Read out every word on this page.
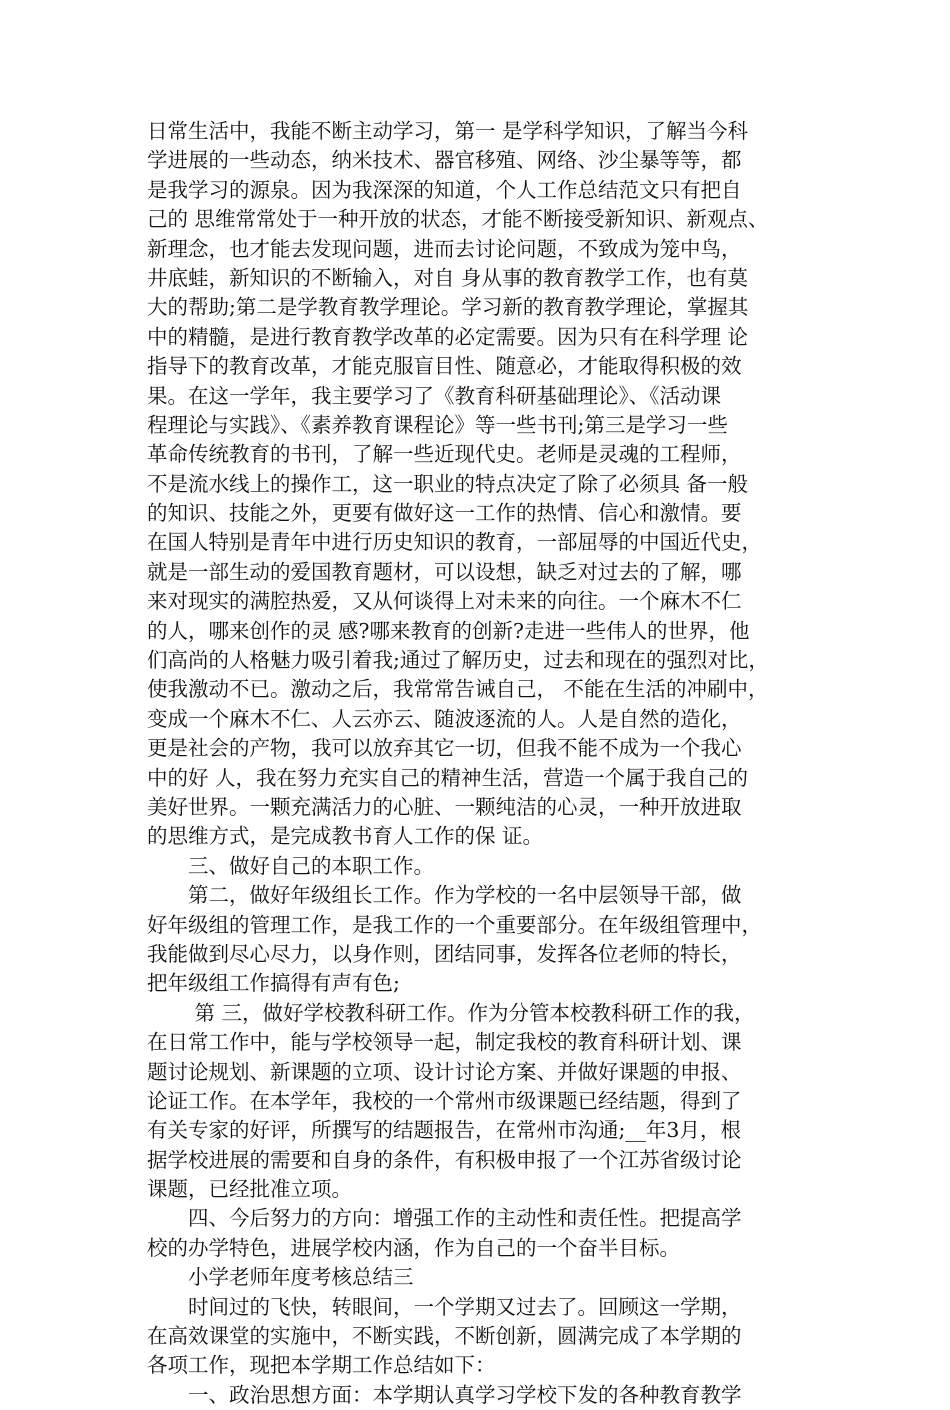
日常生活中，我能不断主动学习，第一 是学科学知识，了解当今科
学进展的一些动态，纳米技术、器官移殖、网络、沙尘暴等等，都
是我学习的源泉。因为我深深的知道，个人工作总结范文只有把自
己的 思维常常处于一种开放的状态，才能不断接受新知识、新观点、
新理念，也才能去发现问题，进而去讨论问题，不致成为笼中鸟，
井底蛙，新知识的不断输入，对自 身从事的教育教学工作，也有莫
大的帮助;第二是学教育教学理论。学习新的教育教学理论，掌握其
中的精髓，是进行教育教学改革的必定需要。因为只有在科学理 论
指导下的教育改革，才能克服盲目性、随意必，才能取得积极的效
果。在这一学年，我主要学习了《教育科研基础理论》、《活动课
程理论与实践》、《素养教育课程论》等一些书刊;第三是学习一些
革命传统教育的书刊，了解一些近现代史。老师是灵魂的工程师，
不是流水线上的操作工，这一职业的特点决定了除了必须具 备一般
的知识、技能之外，更要有做好这一工作的热情、信心和激情。要
在国人特别是青年中进行历史知识的教育，一部屈辱的中国近代史，
就是一部生动的爱国教育题材，可以设想，缺乏对过去的了解，哪
来对现实的满腔热爱，又从何谈得上对未来的向往。一个麻木不仁
的人，哪来创作的灵 感?哪来教育的创新?走进一些伟人的世界，他
们高尚的人格魅力吸引着我;通过了解历史，过去和现在的强烈对比，
使我激动不已。激动之后，我常常告诫自己， 不能在生活的冲刷中，
变成一个麻木不仁、人云亦云、随波逐流的人。人是自然的造化，
更是社会的产物，我可以放弃其它一切，但我不能不成为一个我心
中的好 人，我在努力充实自己的精神生活，营造一个属于我自己的
美好世界。一颗充满活力的心脏、一颗纯洁的心灵，一种开放进取
的思维方式，是完成教书育人工作的保 证。
　　三、做好自己的本职工作。
　　第二，做好年级组长工作。作为学校的一名中层领导干部，做
好年级组的管理工作，是我工作的一个重要部分。在年级组管理中，
我能做到尽心尽力，以身作则，团结同事，发挥各位老师的特长，
把年级组工作搞得有声有色;
　　 第 三，做好学校教科研工作。作为分管本校教科研工作的我，
在日常工作中，能与学校领导一起，制定我校的教育科研计划、课
题讨论规划、新课题的立项、设计讨论方案、并做好课题的申报、
论证工作。在本学年，我校的一个常州市级课题已经结题，得到了
有关专家的好评，所撰写的结题报告，在常州市沟通;__年3月，根
据学校进展的需要和自身的条件，有积极申报了一个江苏省级讨论
课题，已经批准立项。
　　四、今后努力的方向：增强工作的主动性和责任性。把提高学
校的办学特色，进展学校内涵，作为自己的一个奋半目标。
　　小学老师年度考核总结三
　　时间过的飞快，转眼间，一个学期又过去了。回顾这一学期，
在高效课堂的实施中，不断实践，不断创新，圆满完成了本学期的
各项工作，现把本学期工作总结如下：
　　一、政治思想方面：本学期认真学习学校下发的各种教育教学
